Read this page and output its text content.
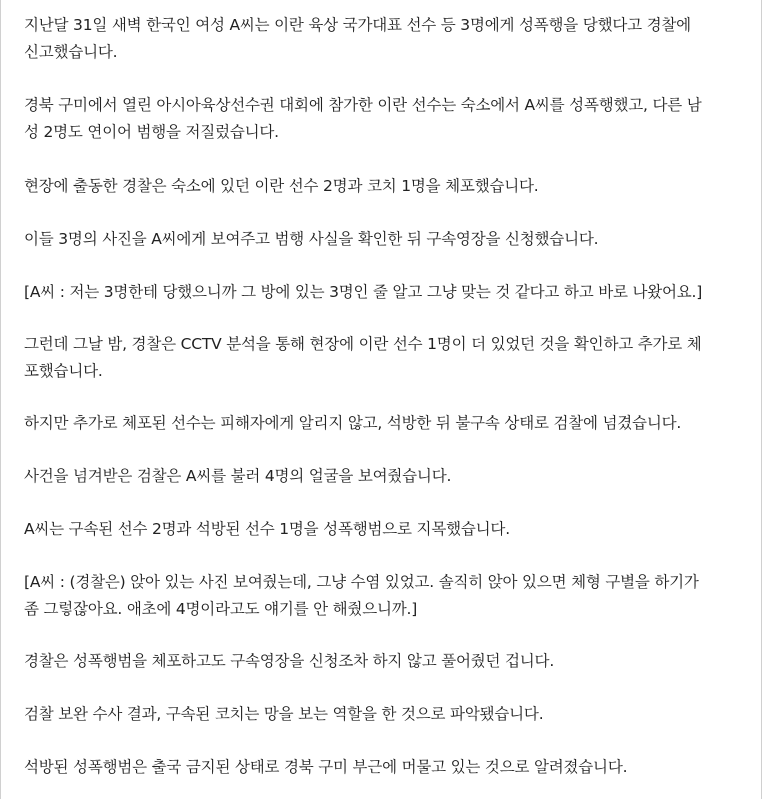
지난달 31일 새벽 한국인 여성 A씨는 이란 육상 국가대표 선수 등 3명에게 성폭행을 당했다고 경찰에
신고했습니다.

경북 구미에서 열린 아시아육상선수권 대회에 참가한 이란 선수는 숙소에서 A씨를 성폭행했고, 다른 남
성 2명도 연이어 범행을 저질렀습니다.

현장에 출동한 경찰은 숙소에 있던 이란 선수 2명과 코치 1명을 체포했습니다.

이들 3명의 사진을 A씨에게 보여주고 범행 사실을 확인한 뒤 구속영장을 신청했습니다.

[A씨 : 저는 3명한테 당했으니까 그 방에 있는 3명인 줄 알고 그냥 맞는 것 같다고 하고 바로 나왔어요.]

그런데 그날 밤, 경찰은 CCTV 분석을 통해 현장에 이란 선수 1명이 더 있었던 것을 확인하고 추가로 체
포했습니다.

하지만 추가로 체포된 선수는 피해자에게 알리지 않고, 석방한 뒤 불구속 상태로 검찰에 넘겼습니다.

사건을 넘겨받은 검찰은 A씨를 불러 4명의 얼굴을 보여줬습니다.

A씨는 구속된 선수 2명과 석방된 선수 1명을 성폭행범으로 지목했습니다.

[A씨 : (경찰은) 앉아 있는 사진 보여줬는데, 그냥 수염 있었고. 솔직히 앉아 있으면 체형 구별을 하기가
좀 그렇잖아요. 애초에 4명이라고도 얘기를 안 해줬으니까.]

경찰은 성폭행범을 체포하고도 구속영장을 신청조차 하지 않고 풀어줬던 겁니다.

검찰 보완 수사 결과, 구속된 코치는 망을 보는 역할을 한 것으로 파악됐습니다.

석방된 성폭행범은 출국 금지된 상태로 경북 구미 부근에 머물고 있는 것으로 알려졌습니다.
